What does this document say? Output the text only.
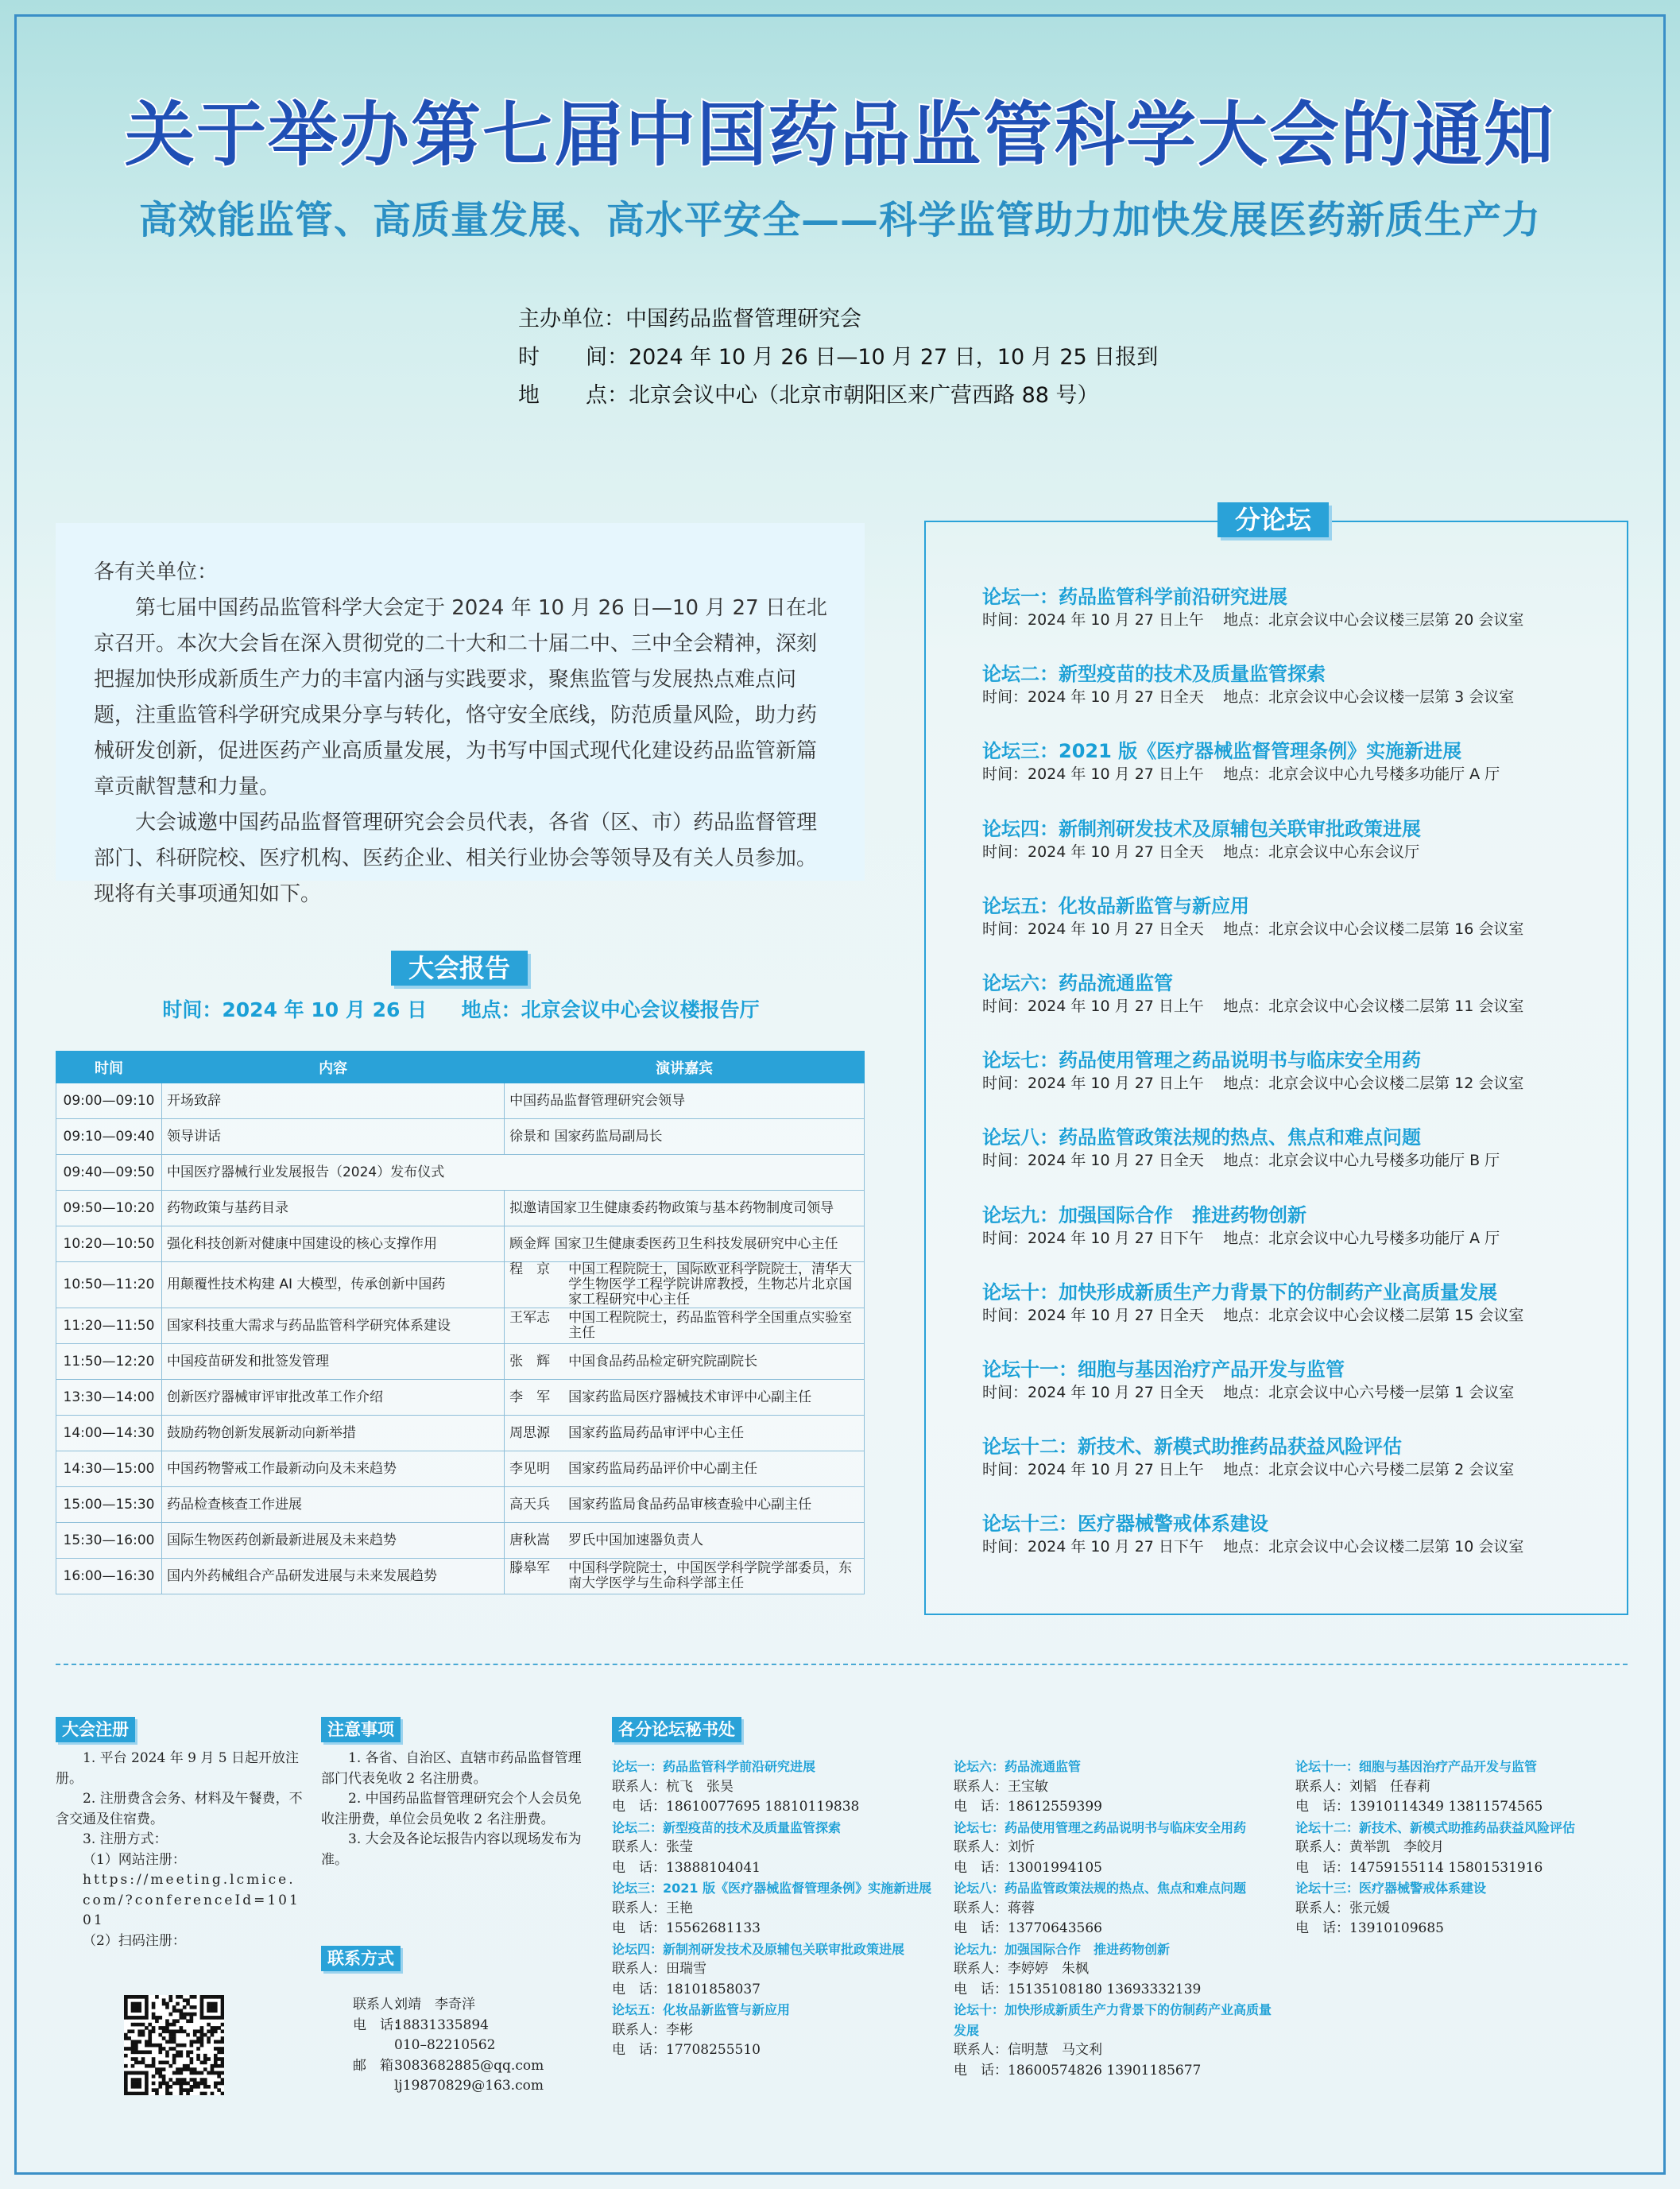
关于举办第七届中国药品监管科学大会的通知
高效能监管、高质量发展、高水平安全——科学监管助力加快发展医药新质生产力
主办单位 ： 中国药品监督管理研究会
时 间 ： 2024 年 10 月 26 日—10 月 27 日，10 月 25 日报到
地 点 ： 北京会议中心（北京市朝阳区来广营西路 88 号）

各有关单位：

第七届中国药品监管科学大会定于 2024 年 10 月 26 日—10 月 27 日在北京召开。本次大会旨在深入贯彻党的二十大和二十届二中、三中全会精神，深刻把握加快形成新质生产力的丰富内涵与实践要求，聚焦监管与发展热点难点问题，注重监管科学研究成果分享与转化，恪守安全底线，防范质量风险，助力药械研发创新，促进医药产业高质量发展，为书写中国式现代化建设药品监管新篇章贡献智慧和力量。

大会诚邀中国药品监督管理研究会会员代表，各省（区、市）药品监督管理部门、科研院校、医疗机构、医药企业、相关行业协会等领导及有关人员参加。现将有关事项通知如下。

大会报告
时间：2024 年 10 月 26 日     地点：北京会议中心会议楼报告厅
时间	内容	演讲嘉宾
09:00—09:10	开场致辞	中国药品监督管理研究会领导
09:10—09:40	领导讲话	徐景和 国家药监局副局长
09:40—09:50	中国医疗器械行业发展报告（2024）发布仪式	
09:50—10:20	药物政策与基药目录	拟邀请国家卫生健康委药物政策与基本药物制度司领导
10:20—10:50	强化科技创新对健康中国建设的核心支撑作用	顾金辉 国家卫生健康委医药卫生科技发展研究中心主任
10:50—11:20	用颠覆性技术构建 AI 大模型，传承创新中国药	程　京 中国工程院院士，国际欧亚科学院院士，清华大学生物医学工程学院讲席教授，生物芯片北京国家工程研究中心主任
11:20—11:50	国家科技重大需求与药品监管科学研究体系建设	王军志 中国工程院院士，药品监管科学全国重点实验室主任
11:50—12:20	中国疫苗研发和批签发管理	张　辉 中国食品药品检定研究院副院长
13:30—14:00	创新医疗器械审评审批改革工作介绍	李　军 国家药监局医疗器械技术审评中心副主任
14:00—14:30	鼓励药物创新发展新动向新举措	周思源 国家药监局药品审评中心主任
14:30—15:00	中国药物警戒工作最新动向及未来趋势	李见明 国家药监局药品评价中心副主任
15:00—15:30	药品检查核查工作进展	高天兵 国家药监局食品药品审核查验中心副主任
15:30—16:00	国际生物医药创新最新进展及未来趋势	唐秋嵩 罗氏中国加速器负责人
16:00—16:30	国内外药械组合产品研发进展与未来发展趋势	滕皋军 中国科学院院士，中国医学科学院学部委员，东南大学医学与生命科学部主任
分论坛
论坛一：药品监管科学前沿研究进展
时间：2024 年 10 月 27 日上午    地点：北京会议中心会议楼三层第 20 会议室
论坛二：新型疫苗的技术及质量监管探索
时间：2024 年 10 月 27 日全天    地点：北京会议中心会议楼一层第 3 会议室
论坛三：2021 版《医疗器械监督管理条例》实施新进展
时间：2024 年 10 月 27 日上午    地点：北京会议中心九号楼多功能厅 A 厅
论坛四：新制剂研发技术及原辅包关联审批政策进展
时间：2024 年 10 月 27 日全天    地点：北京会议中心东会议厅
论坛五：化妆品新监管与新应用
时间：2024 年 10 月 27 日全天    地点：北京会议中心会议楼二层第 16 会议室
论坛六：药品流通监管
时间：2024 年 10 月 27 日上午    地点：北京会议中心会议楼二层第 11 会议室
论坛七：药品使用管理之药品说明书与临床安全用药
时间：2024 年 10 月 27 日上午    地点：北京会议中心会议楼二层第 12 会议室
论坛八：药品监管政策法规的热点、焦点和难点问题
时间：2024 年 10 月 27 日全天    地点：北京会议中心九号楼多功能厅 B 厅
论坛九：加强国际合作　推进药物创新
时间：2024 年 10 月 27 日下午    地点：北京会议中心九号楼多功能厅 A 厅
论坛十：加快形成新质生产力背景下的仿制药产业高质量发展
时间：2024 年 10 月 27 日全天    地点：北京会议中心会议楼二层第 15 会议室
论坛十一：细胞与基因治疗产品开发与监管
时间：2024 年 10 月 27 日全天    地点：北京会议中心六号楼一层第 1 会议室
论坛十二：新技术、新模式助推药品获益风险评估
时间：2024 年 10 月 27 日上午    地点：北京会议中心六号楼二层第 2 会议室
论坛十三：医疗器械警戒体系建设
时间：2024 年 10 月 27 日下午    地点：北京会议中心会议楼二层第 10 会议室
大会注册

1. 平台 2024 年 9 月 5 日起开放注册。

2. 注册费含会务、材料及午餐费，不含交通及住宿费。

3. 注册方式：

（1）网站注册：

https://meeting.lcmice.com/?conferenceId=10101

（2）扫码注册：

注意事项

1. 各省、自治区、直辖市药品监督管理部门代表免收 2 名注册费。

2. 中国药品监督管理研究会个人会员免收注册费，单位会员免收 2 名注册费。

3. 大会及各论坛报告内容以现场发布为准。

联系方式
联系人：
刘靖　李奇洋
电　话：
18831335894
010–82210562
邮　箱：
3083682885@qq.com
lj19870829@163.com
各分论坛秘书处
论坛一：药品监管科学前沿研究进展
联系人：杭飞　张昊
电　话：18610077695 18810119838
论坛二：新型疫苗的技术及质量监管探索
联系人：张莹
电　话：13888104041
论坛三：2021 版《医疗器械监督管理条例》实施新进展
联系人：王艳
电　话：15562681133
论坛四：新制剂研发技术及原辅包关联审批政策进展
联系人：田瑞雪
电　话：18101858037
论坛五：化妆品新监管与新应用
联系人：李彬
电　话：17708255510
论坛六：药品流通监管
联系人：王宝敏
电　话：18612559399
论坛七：药品使用管理之药品说明书与临床安全用药
联系人：刘忻
电　话：13001994105
论坛八：药品监管政策法规的热点、焦点和难点问题
联系人：蒋蓉
电　话：13770643566
论坛九：加强国际合作　推进药物创新
联系人：李婷婷　朱枫
电　话：15135108180 13693332139
论坛十：加快形成新质生产力背景下的仿制药产业高质量发展
联系人：信明慧　马文利
电　话：18600574826 13901185677
论坛十一：细胞与基因治疗产品开发与监管
联系人：刘韬　任春莉
电　话：13910114349 13811574565
论坛十二：新技术、新模式助推药品获益风险评估
联系人：黄举凯　李皎月
电　话：14759155114 15801531916
论坛十三：医疗器械警戒体系建设
联系人：张元媛
电　话：13910109685
